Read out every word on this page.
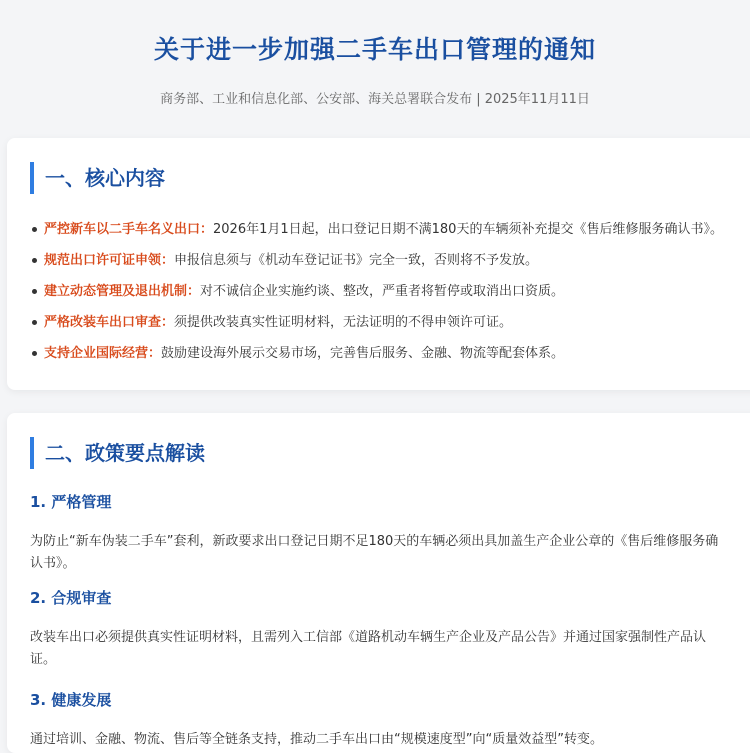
关于进一步加强二手车出口管理的通知
商务部、工业和信息化部、公安部、海关总署联合发布 | 2025年11月11日
一、核心内容
严控新车以二手车名义出口：2026年1月1日起，出口登记日期不满180天的车辆须补充提交《售后维修服务确认书》。
规范出口许可证申领：申报信息须与《机动车登记证书》完全一致，否则将不予发放。
建立动态管理及退出机制：对不诚信企业实施约谈、整改，严重者将暂停或取消出口资质。
严格改装车出口审查：须提供改装真实性证明材料，无法证明的不得申领许可证。
支持企业国际经营：鼓励建设海外展示交易市场，完善售后服务、金融、物流等配套体系。
二、政策要点解读
1. 严格管理

为防止“新车伪装二手车”套利，新政要求出口登记日期不足180天的车辆必须出具加盖生产企业公章的《售后维修服务确认书》。

2. 合规审查

改装车出口必须提供真实性证明材料，且需列入工信部《道路机动车辆生产企业及产品公告》并通过国家强制性产品认证。

3. 健康发展

通过培训、金融、物流、售后等全链条支持，推动二手车出口由“规模速度型”向“质量效益型”转变。
